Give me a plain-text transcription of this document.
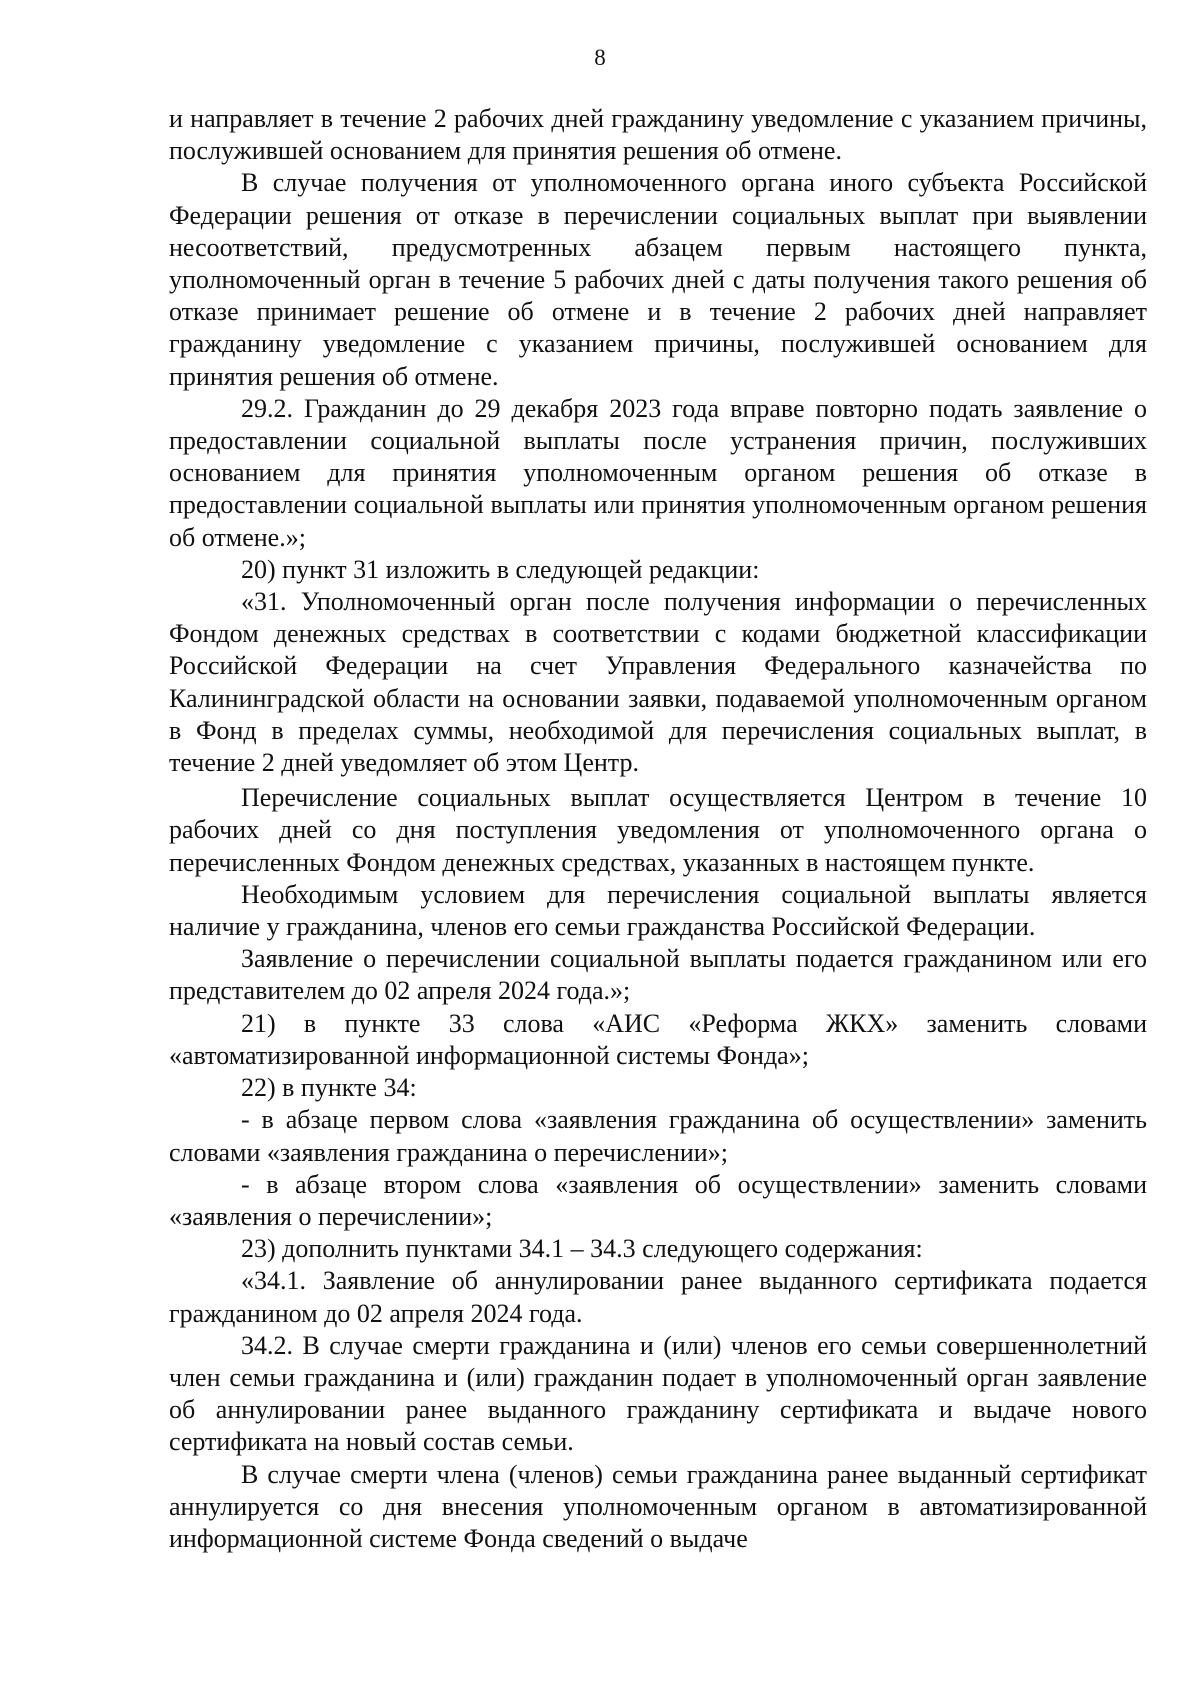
8

и направляет в течение 2 рабочих дней гражданину уведомление с указанием причины, послужившей основанием для принятия решения об отмене.

В случае получения от уполномоченного органа иного субъекта Российской Федерации решения от отказе в перечислении социальных выплат при выявлении несоответствий, предусмотренных абзацем первым настоящего пункта, уполномоченный орган в течение 5 рабочих дней с даты получения такого решения об отказе принимает решение об отмене и в течение 2 рабочих дней направляет гражданину уведомление с указанием причины, послужившей основанием для принятия решения об отмене.

29.2. Гражданин до 29 декабря 2023 года вправе повторно подать заявление о предоставлении социальной выплаты после устранения причин, послуживших основанием для принятия уполномоченным органом решения об отказе в предоставлении социальной выплаты или принятия уполномоченным органом решения об отмене.»;

20) пункт 31 изложить в следующей редакции:

«31. Уполномоченный орган после получения информации о перечисленных Фондом денежных средствах в соответствии с кодами бюджетной классификации Российской Федерации на счет Управления Федерального казначейства по Калининградской области на основании заявки, подаваемой уполномоченным органом в Фонд в пределах суммы, необходимой для перечисления социальных выплат, в течение 2 дней уведомляет об этом Центр.

Перечисление социальных выплат осуществляется Центром в течение 10 рабочих дней со дня поступления уведомления от уполномоченного органа о перечисленных Фондом денежных средствах, указанных в настоящем пункте.

Необходимым условием для перечисления социальной выплаты является наличие у гражданина, членов его семьи гражданства Российской Федерации.

Заявление о перечислении социальной выплаты подается гражданином или его представителем до 02 апреля 2024 года.»;

21) в пункте 33 слова «АИС «Реформа ЖКХ» заменить словами «автоматизированной информационной системы Фонда»;

22) в пункте 34:

- в абзаце первом слова «заявления гражданина об осуществлении» заменить словами «заявления гражданина о перечислении»;

- в абзаце втором слова «заявления об осуществлении» заменить словами «заявления о перечислении»;

23) дополнить пунктами 34.1 – 34.3 следующего содержания:

«34.1. Заявление об аннулировании ранее выданного сертификата подается гражданином до 02 апреля 2024 года.

34.2. В случае смерти гражданина и (или) членов его семьи совершеннолетний член семьи гражданина и (или) гражданин подает в уполномоченный орган заявление об аннулировании ранее выданного гражданину сертификата и выдаче нового сертификата на новый состав семьи.

В случае смерти члена (членов) семьи гражданина ранее выданный сертификат аннулируется со дня внесения уполномоченным органом в автоматизированной информационной системе Фонда сведений о выдаче
